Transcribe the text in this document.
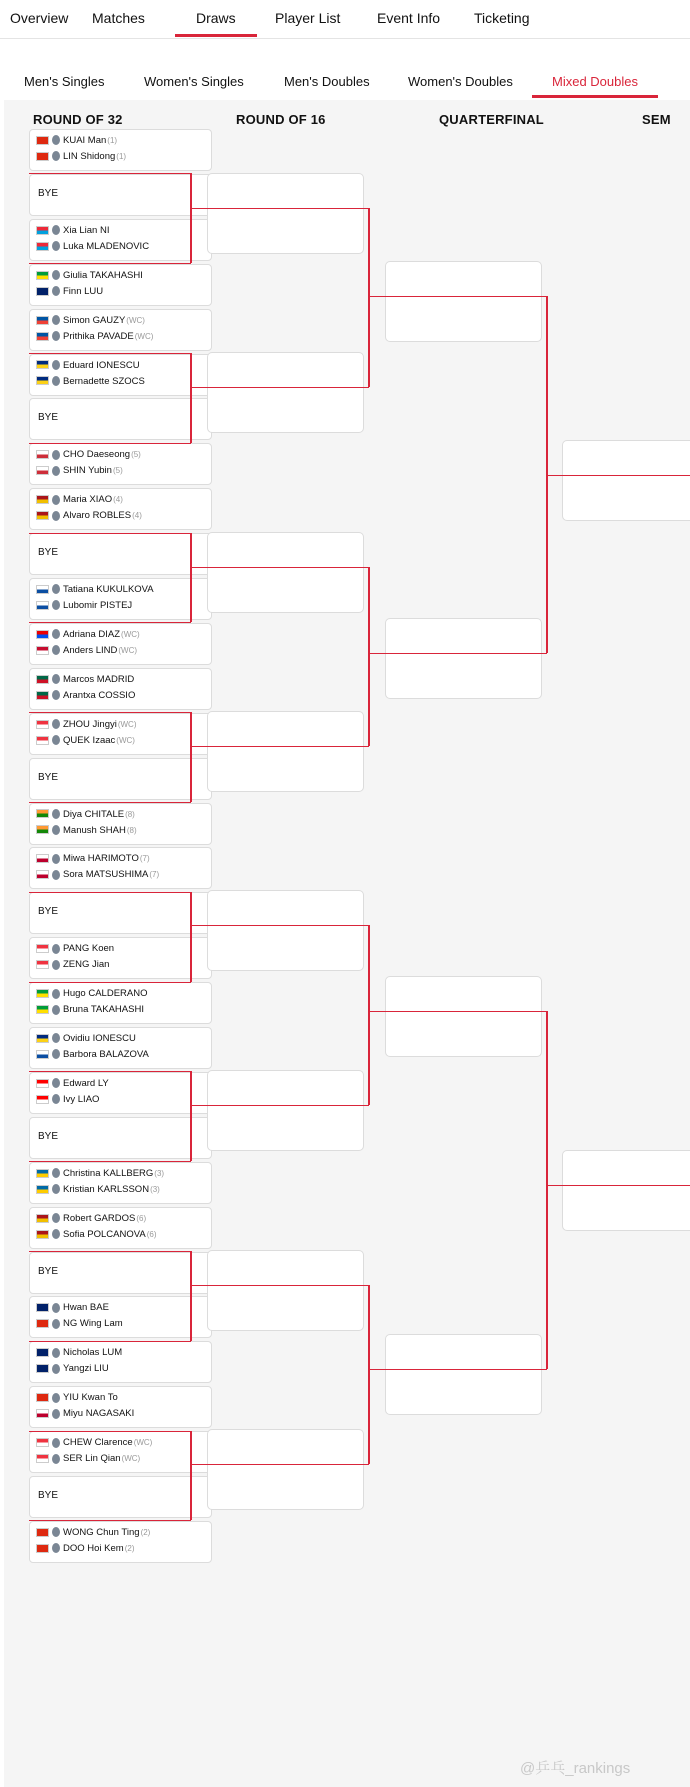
Overview Matches	Draws	Player List	Event Info Ticketing
Men's Singles	Women's Singles	Men's Doubles	Women's Doubles	Mixed Doubles
ROUND OF 32	ROUND OF 16	QUARTERFINAL	SEM
KUAI Man(1)
LIN Shidong(1)
BYE
Xia Lian NI
Luka MLADENOVIC
Giulia TAKAHASHI
Finn LUU
Simon GAUZY(WC)
Prithika PAVADE(WC)
Eduard IONESCU
Bernadette SZOCS
BYE
CHO Daeseong(5)
SHIN Yubin(5)
Maria XIAO(4)
Alvaro ROBLES(4)
BYE
Tatiana KUKULKOVA
Lubomir PISTEJ
Adriana DIAZ(WC)
Anders LIND(WC)
Marcos MADRID
Arantxa COSSIO
ZHOU Jingyi(WC)
QUEK Izaac(WC)
BYE
Diya CHITALE(8)
Manush SHAH(8)
Miwa HARIMOTO(7)
Sora MATSUSHIMA(7)
BYE
PANG Koen
ZENG Jian
Hugo CALDERANO
Bruna TAKAHASHI
Ovidiu IONESCU
Barbora BALAZOVA
Edward LY
Ivy LIAO
BYE
Christina KALLBERG(3)
Kristian KARLSSON(3)
Robert GARDOS(6)
Sofia POLCANOVA(6)
BYE
Hwan BAE
NG Wing Lam
Nicholas LUM
Yangzi LIU
YIU Kwan To
Miyu NAGASAKI
CHEW Clarence(WC)
SER Lin Qian(WC)
BYE
WONG Chun Ting(2)
DOO Hoi Kem(2)
@乒乓_rankings
